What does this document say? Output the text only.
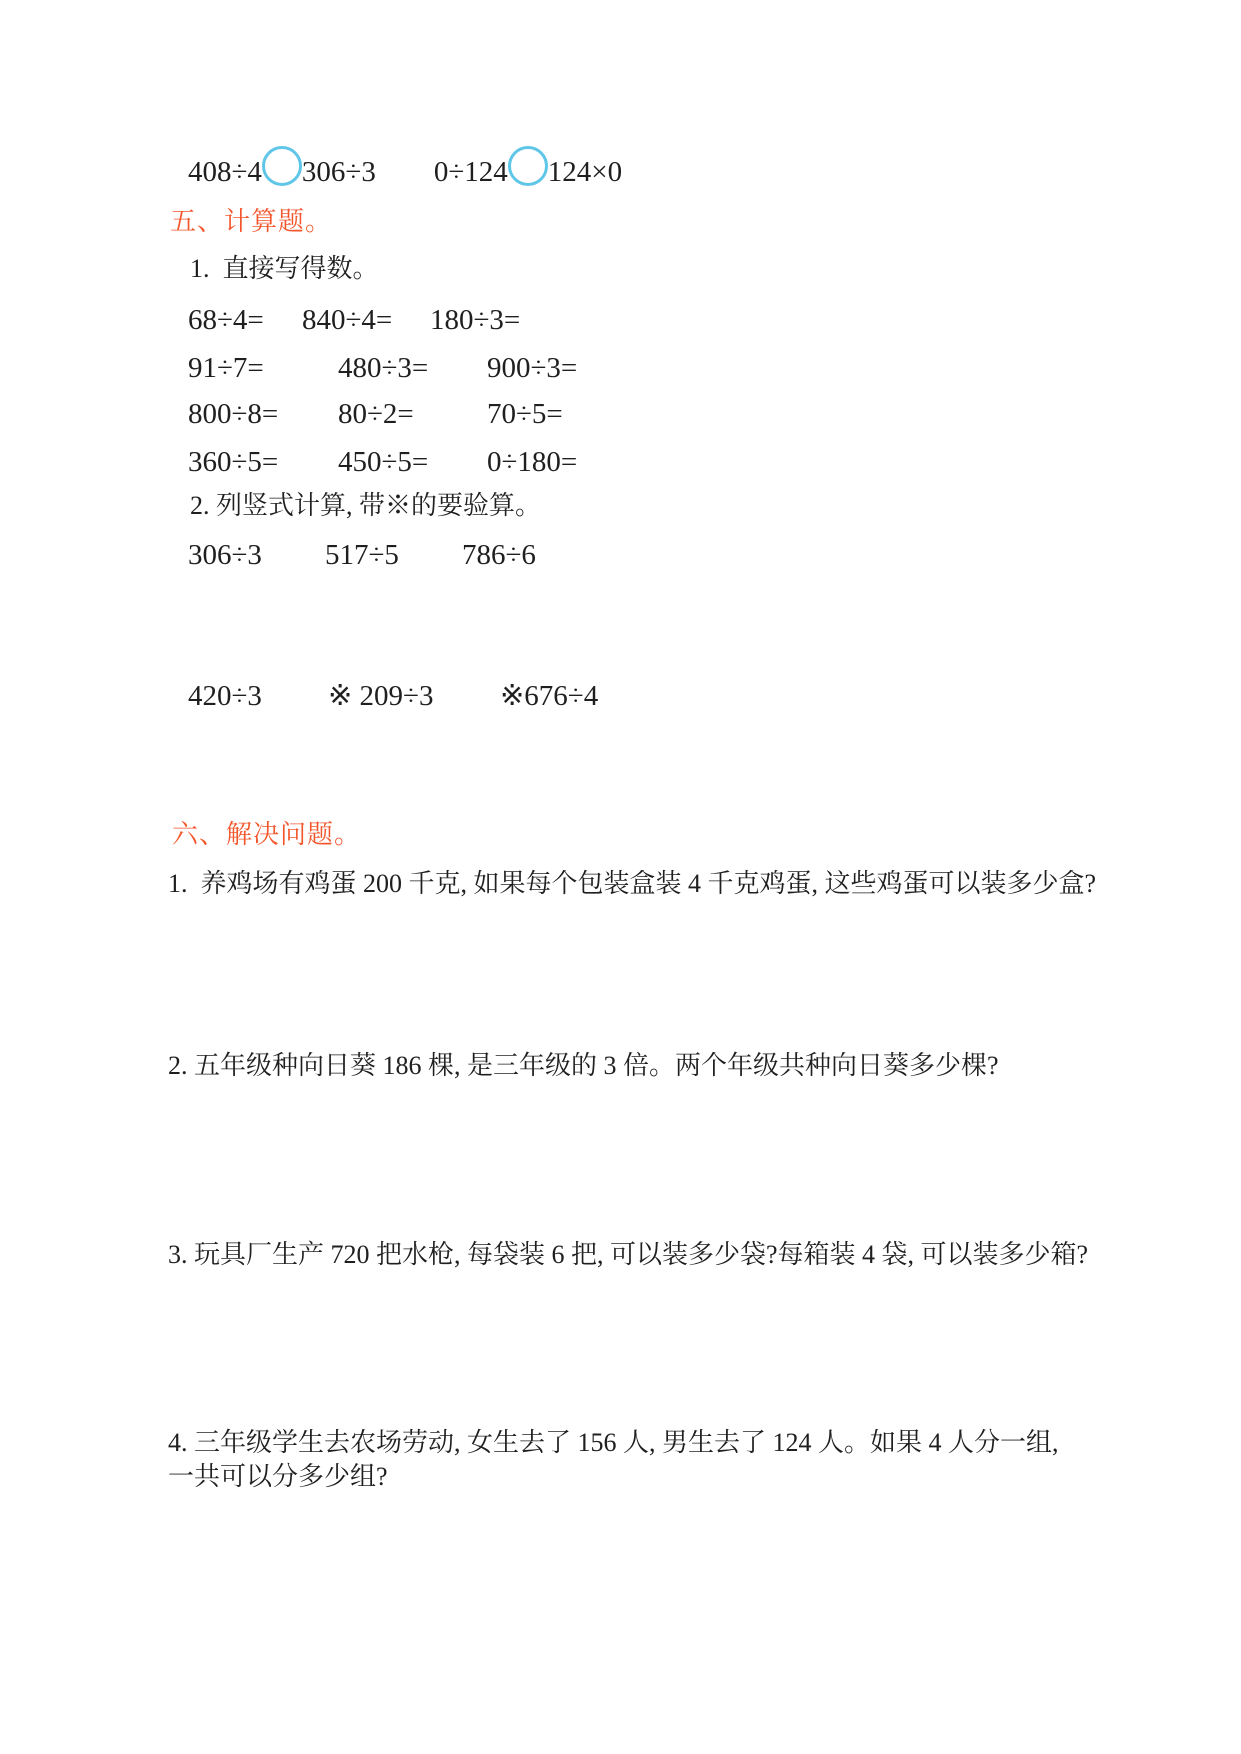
408÷4 306÷3 0÷124 124×0
五、计算题。
1.  直接写得数。
68÷4= 840÷4= 180÷3=
91÷7=	480÷3= 900÷3=
800÷8= 80÷2=	70÷5=
360÷5= 450÷5= 0÷180=
2. 列竖式计算, 带※的要验算。
306÷3 517÷5 786÷6
420÷3 ※ 209÷3 ※676÷4
六、解决问题。
1.  养鸡场有鸡蛋 200 千克, 如果每个包装盒装 4 千克鸡蛋, 这些鸡蛋可以装多少盒?
2. 五年级种向日葵 186 棵, 是三年级的 3 倍。两个年级共种向日葵多少棵?
3. 玩具厂生产 720 把水枪, 每袋装 6 把, 可以装多少袋?每箱装 4 袋, 可以装多少箱?
4. 三年级学生去农场劳动, 女生去了 156 人, 男生去了 124 人。如果 4 人分一组, 一共可以分多少组?
